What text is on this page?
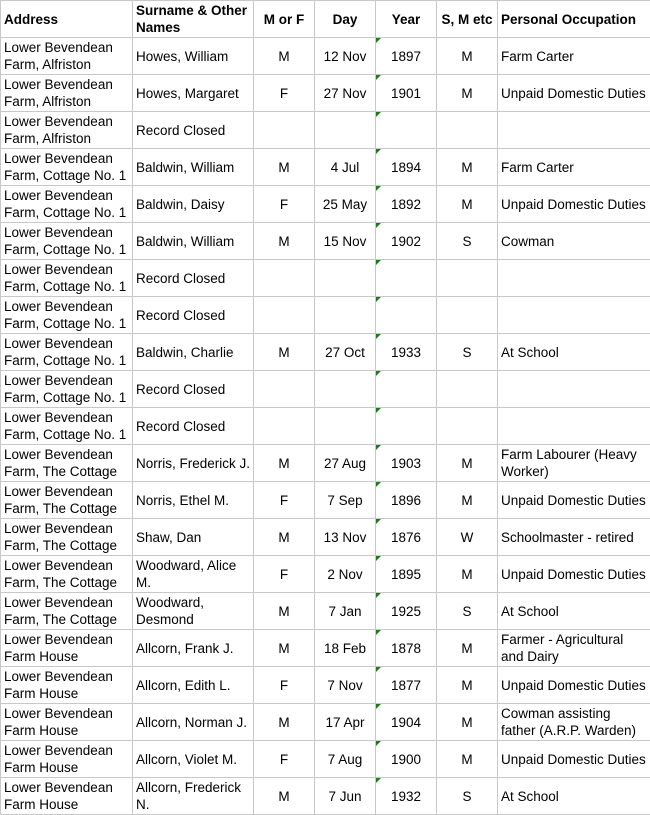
Address	Surname & Other Names	M or F	Day	Year	S, M etc	Personal Occupation
Lower Bevendean Farm, Alfriston	Howes, William	M	12 Nov	1897	M	Farm Carter
Lower Bevendean Farm, Alfriston	Howes, Margaret	F	27 Nov	1901	M	Unpaid Domestic Duties
Lower Bevendean Farm, Alfriston	Record Closed					
Lower Bevendean Farm, Cottage No. 1	Baldwin, William	M	4 Jul	1894	M	Farm Carter
Lower Bevendean Farm, Cottage No. 1	Baldwin, Daisy	F	25 May	1892	M	Unpaid Domestic Duties
Lower Bevendean Farm, Cottage No. 1	Baldwin, William	M	15 Nov	1902	S	Cowman
Lower Bevendean Farm, Cottage No. 1	Record Closed					
Lower Bevendean Farm, Cottage No. 1	Record Closed					
Lower Bevendean Farm, Cottage No. 1	Baldwin, Charlie	M	27 Oct	1933	S	At School
Lower Bevendean Farm, Cottage No. 1	Record Closed					
Lower Bevendean Farm, Cottage No. 1	Record Closed					
Lower Bevendean Farm, The Cottage	Norris, Frederick J.	M	27 Aug	1903	M	Farm Labourer (Heavy Worker)
Lower Bevendean Farm, The Cottage	Norris, Ethel M.	F	7 Sep	1896	M	Unpaid Domestic Duties
Lower Bevendean Farm, The Cottage	Shaw, Dan	M	13 Nov	1876	W	Schoolmaster - retired
Lower Bevendean Farm, The Cottage	Woodward, Alice M.	F	2 Nov	1895	M	Unpaid Domestic Duties
Lower Bevendean Farm, The Cottage	Woodward, Desmond	M	7 Jan	1925	S	At School
Lower Bevendean Farm House	Allcorn, Frank J.	M	18 Feb	1878	M	Farmer - Agricultural and Dairy
Lower Bevendean Farm House	Allcorn, Edith L.	F	7 Nov	1877	M	Unpaid Domestic Duties
Lower Bevendean Farm House	Allcorn, Norman J.	M	17 Apr	1904	M	Cowman assisting father (A.R.P. Warden)
Lower Bevendean Farm House	Allcorn, Violet M.	F	7 Aug	1900	M	Unpaid Domestic Duties
Lower Bevendean Farm House	Allcorn, Frederick N.	M	7 Jun	1932	S	At School
